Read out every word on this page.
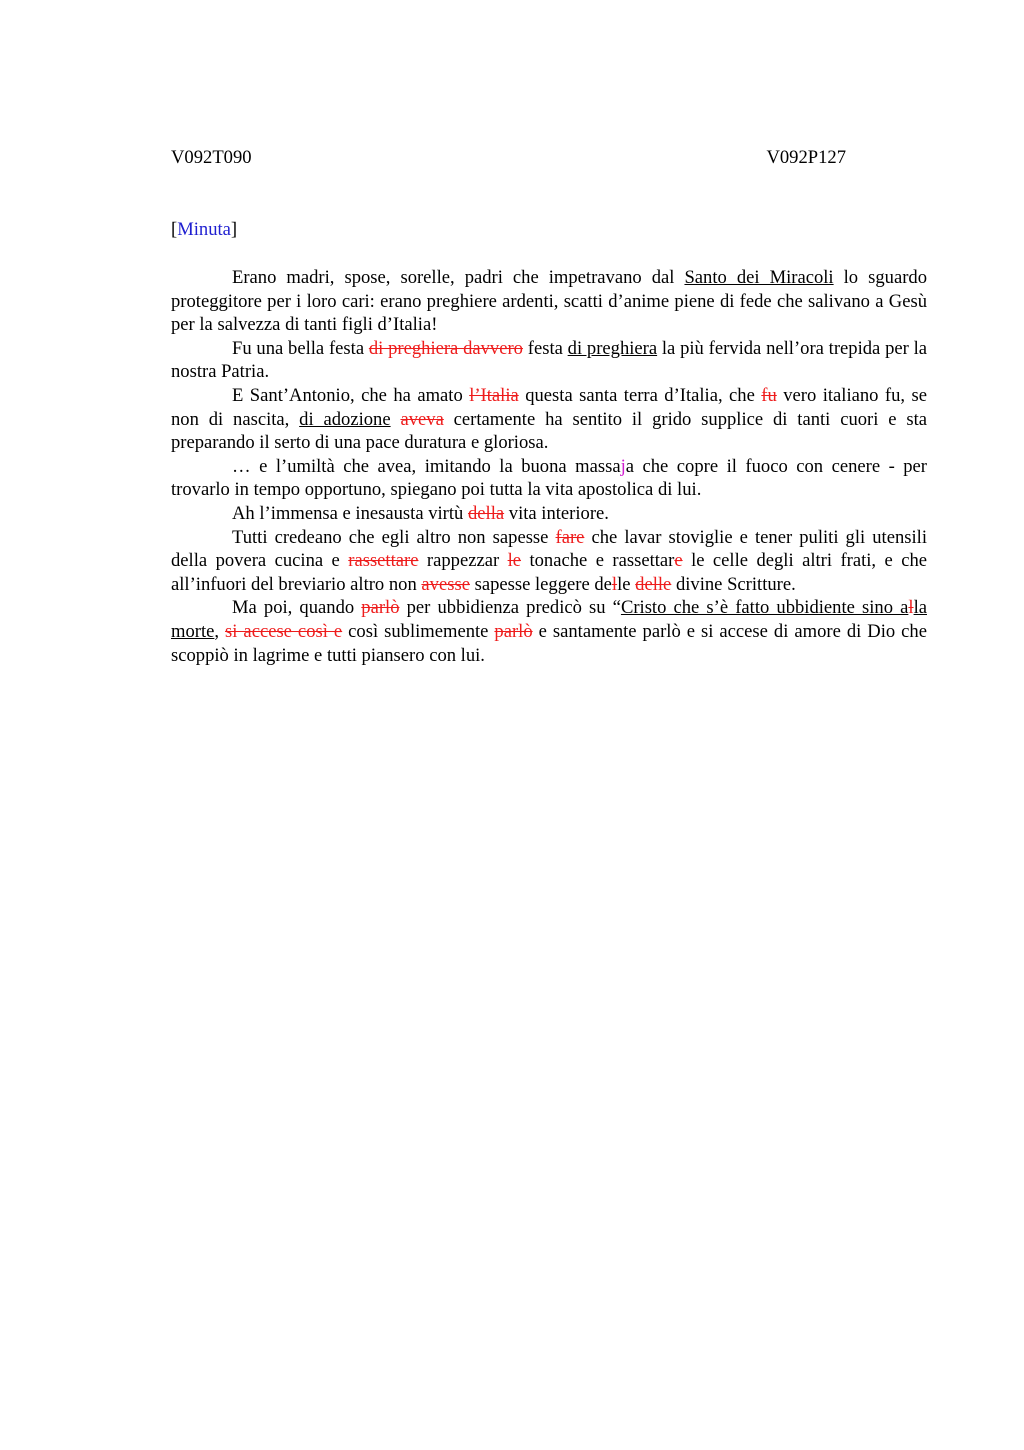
V092T090	V092P127
[Minuta]

Erano madri, spose, sorelle, padri che impetravano dal Santo dei Miracoli lo sguardo proteggitore per i loro cari: erano preghiere ardenti, scatti d’anime piene di fede che salivano a Gesù per la salvezza di tanti figli d’Italia!

Fu una bella festa di preghiera davvero festa di preghiera la più fervida nell’ora trepida per la nostra Patria.

E Sant’Antonio, che ha amato l’Italia questa santa terra d’Italia, che fu vero italiano fu, se non di nascita, di adozione aveva certamente ha sentito il grido supplice di tanti cuori e sta preparando il serto di una pace duratura e gloriosa.

… e l’umiltà che avea, imitando la buona massaja che copre il fuoco con cenere - per trovarlo in tempo opportuno, spiegano poi tutta la vita apostolica di lui.

Ah l’immensa e inesausta virtù della vita interiore.

Tutti credeano che egli altro non sapesse fare che lavar stoviglie e tener puliti gli utensili della povera cucina e rassettare rappezzar le tonache e rassettare le celle degli altri frati, e che all’infuori del breviario altro non avesse sapesse leggere delle delle divine Scritture.

Ma poi, quando parlò per ubbidienza predicò su “Cristo che s’è fatto ubbidiente sino alla morte, si accese così e così sublimemente parlò e santamente parlò e si accese di amore di Dio che scoppiò in lagrime e tutti piansero con lui.
